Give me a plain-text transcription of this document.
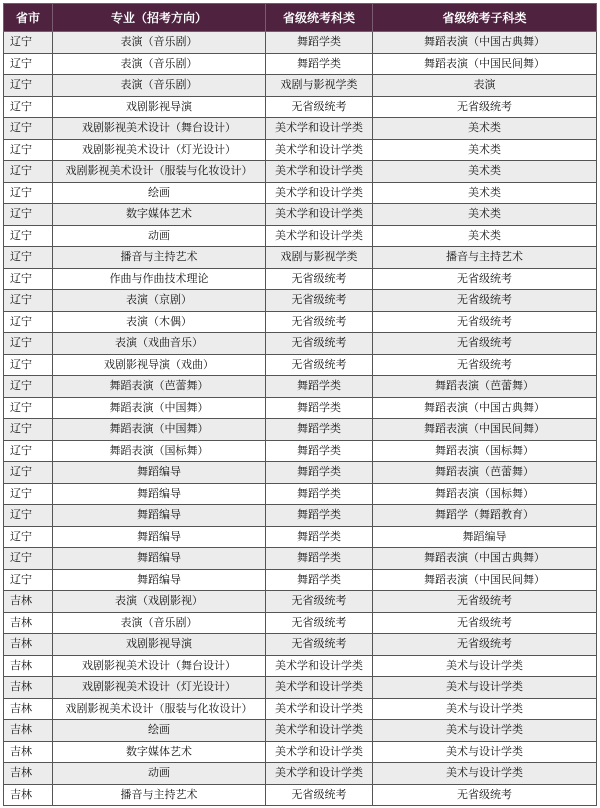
省市	专业（招考方向）	省级统考科类	省级统考子科类
辽宁	表演（音乐剧）	舞蹈学类	舞蹈表演（中国古典舞）
辽宁	表演（音乐剧）	舞蹈学类	舞蹈表演（中国民间舞）
辽宁	表演（音乐剧）	戏剧与影视学类	表演
辽宁	戏剧影视导演	无省级统考	无省级统考
辽宁	戏剧影视美术设计（舞台设计）	美术学和设计学类	美术类
辽宁	戏剧影视美术设计（灯光设计）	美术学和设计学类	美术类
辽宁	戏剧影视美术设计（服装与化妆设计）	美术学和设计学类	美术类
辽宁	绘画	美术学和设计学类	美术类
辽宁	数字媒体艺术	美术学和设计学类	美术类
辽宁	动画	美术学和设计学类	美术类
辽宁	播音与主持艺术	戏剧与影视学类	播音与主持艺术
辽宁	作曲与作曲技术理论	无省级统考	无省级统考
辽宁	表演（京剧）	无省级统考	无省级统考
辽宁	表演（木偶）	无省级统考	无省级统考
辽宁	表演（戏曲音乐）	无省级统考	无省级统考
辽宁	戏剧影视导演（戏曲）	无省级统考	无省级统考
辽宁	舞蹈表演（芭蕾舞）	舞蹈学类	舞蹈表演（芭蕾舞）
辽宁	舞蹈表演（中国舞）	舞蹈学类	舞蹈表演（中国古典舞）
辽宁	舞蹈表演（中国舞）	舞蹈学类	舞蹈表演（中国民间舞）
辽宁	舞蹈表演（国标舞）	舞蹈学类	舞蹈表演（国标舞）
辽宁	舞蹈编导	舞蹈学类	舞蹈表演（芭蕾舞）
辽宁	舞蹈编导	舞蹈学类	舞蹈表演（国标舞）
辽宁	舞蹈编导	舞蹈学类	舞蹈学（舞蹈教育）
辽宁	舞蹈编导	舞蹈学类	舞蹈编导
辽宁	舞蹈编导	舞蹈学类	舞蹈表演（中国古典舞）
辽宁	舞蹈编导	舞蹈学类	舞蹈表演（中国民间舞）
吉林	表演（戏剧影视）	无省级统考	无省级统考
吉林	表演（音乐剧）	无省级统考	无省级统考
吉林	戏剧影视导演	无省级统考	无省级统考
吉林	戏剧影视美术设计（舞台设计）	美术学和设计学类	美术与设计学类
吉林	戏剧影视美术设计（灯光设计）	美术学和设计学类	美术与设计学类
吉林	戏剧影视美术设计（服装与化妆设计）	美术学和设计学类	美术与设计学类
吉林	绘画	美术学和设计学类	美术与设计学类
吉林	数字媒体艺术	美术学和设计学类	美术与设计学类
吉林	动画	美术学和设计学类	美术与设计学类
吉林	播音与主持艺术	无省级统考	无省级统考
